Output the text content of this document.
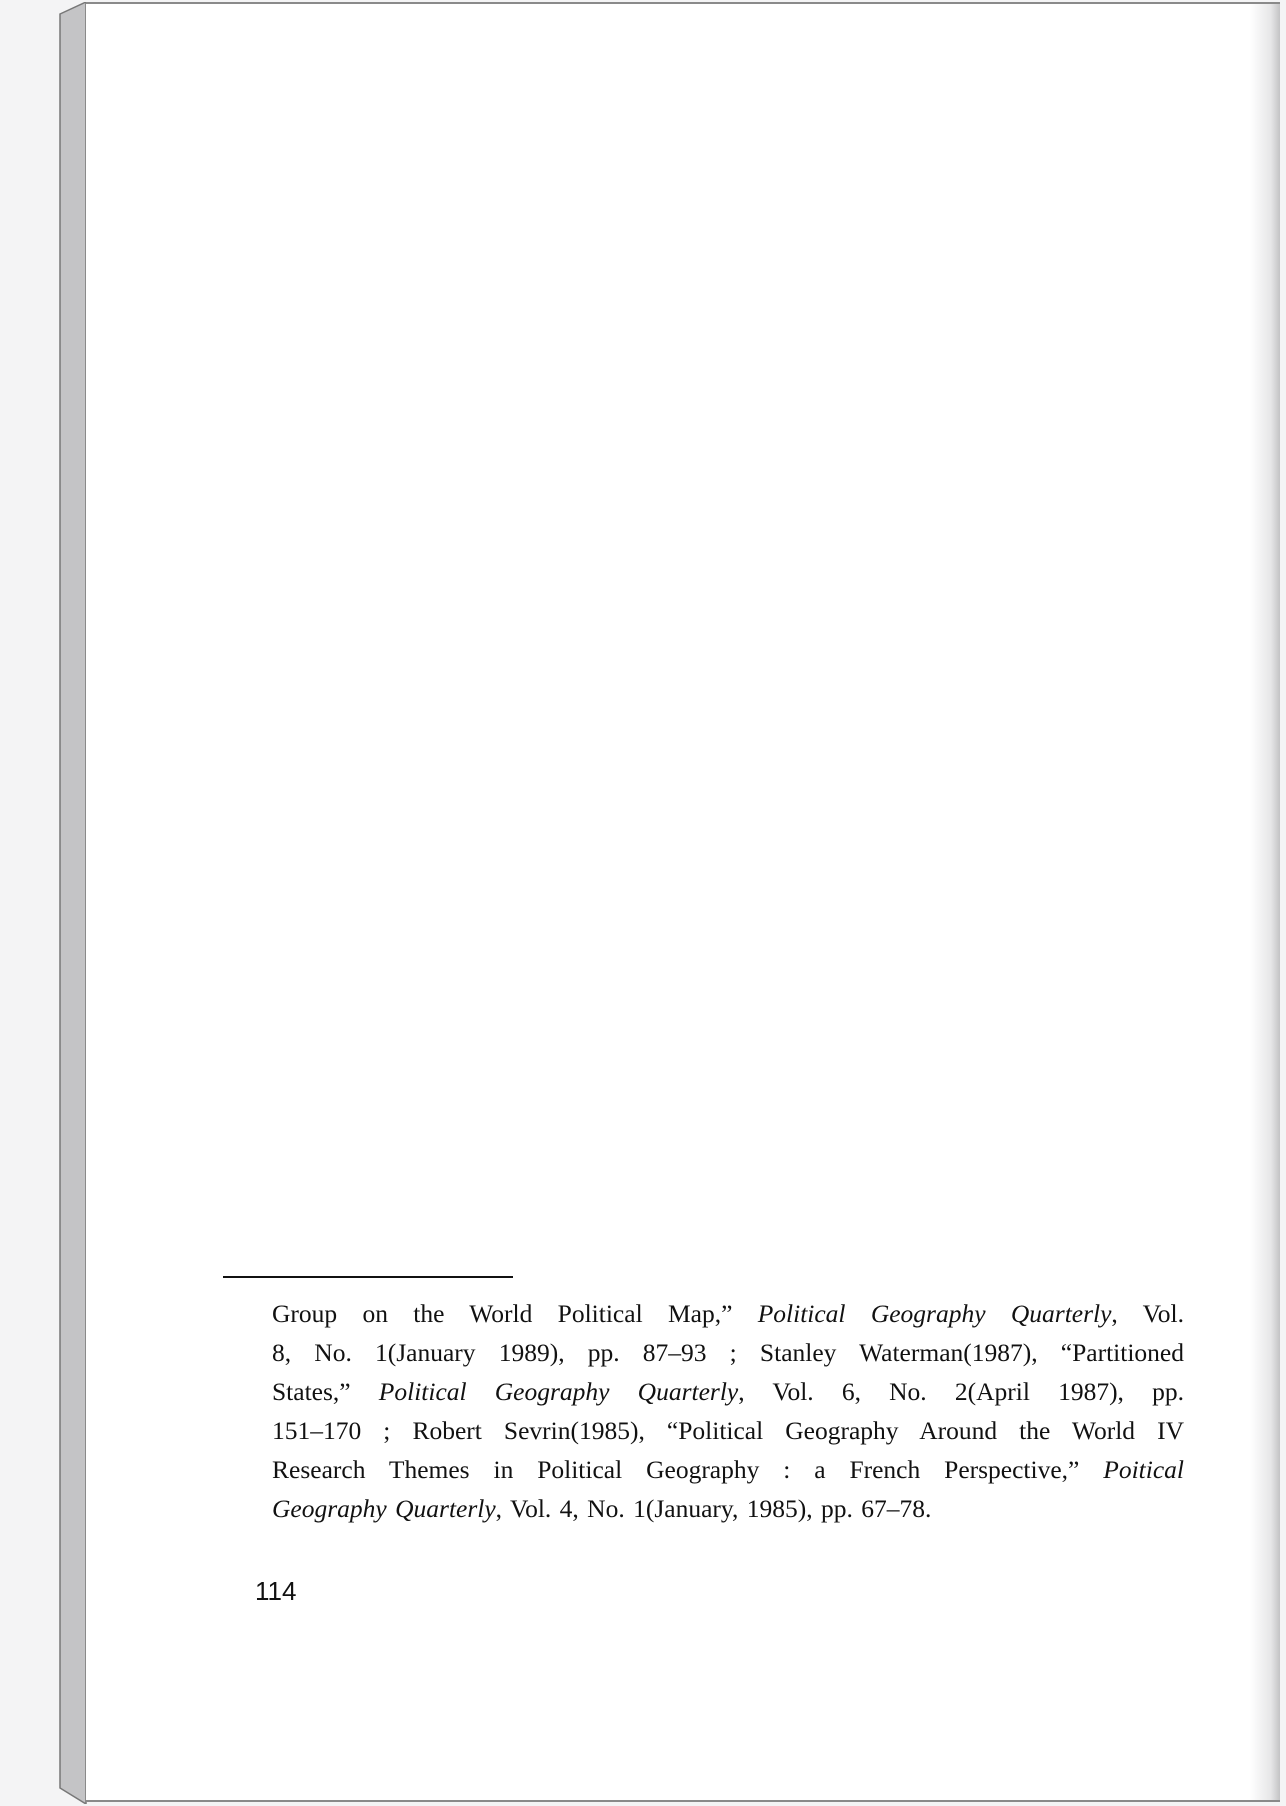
Group on the World Political Map,” Political Geography Quarterly, Vol.
8, No. 1(January 1989), pp. 87–93 ; Stanley Waterman(1987), “Partitioned
States,” Political Geography Quarterly, Vol. 6, No. 2(April 1987), pp.
151–170 ; Robert Sevrin(1985), “Political Geography Around the World IV
Research Themes in Political Geography : a French Perspective,” Poitical
Geography Quarterly, Vol. 4, No. 1(January, 1985), pp. 67–78.
114
